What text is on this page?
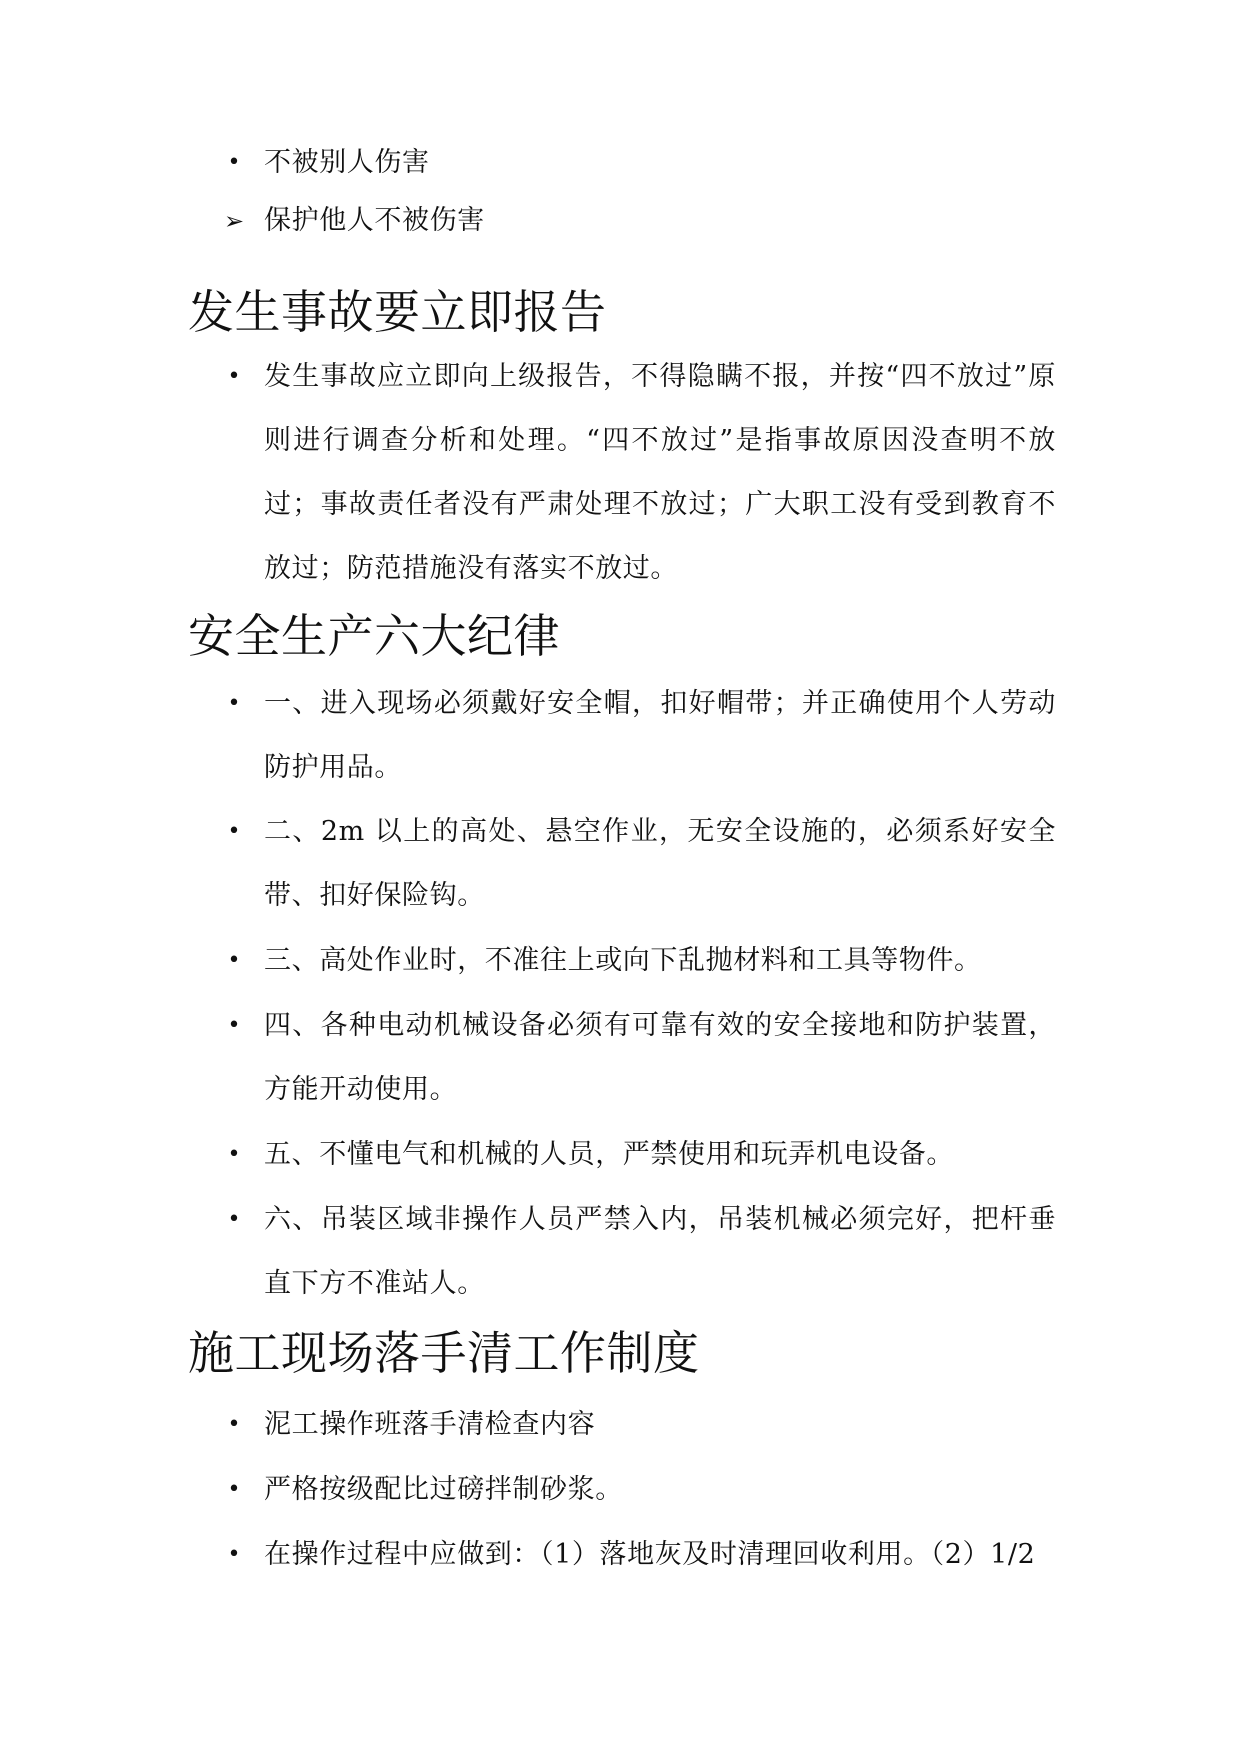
• 不被别人伤害

➢ 保护他人不被伤害

发生事故要立即报告
• 发生事故应立即向上级报告，不得隐瞒不报，并按“四不放过”原则进行调查分析和处理。“四不放过”是指事故原因没查明不放过；事故责任者没有严肃处理不放过；广大职工没有受到教育不放过；防范措施没有落实不放过。

安全生产六大纪律
• 一、进入现场必须戴好安全帽，扣好帽带；并正确使用个人劳动防护用品。

• 二、2m 以上的高处、悬空作业，无安全设施的，必须系好安全带、扣好保险钩。

• 三、高处作业时，不准往上或向下乱抛材料和工具等物件。

• 四、各种电动机械设备必须有可靠有效的安全接地和防护装置，方能开动使用。

• 五、不懂电气和机械的人员，严禁使用和玩弄机电设备。

• 六、吊装区域非操作人员严禁入内，吊装机械必须完好，把杆垂直下方不准站人。

施工现场落手清工作制度
• 泥工操作班落手清检查内容

• 严格按级配比过磅拌制砂浆。

• 在操作过程中应做到：（1）落地灰及时清理回收利用。（2）1/2
